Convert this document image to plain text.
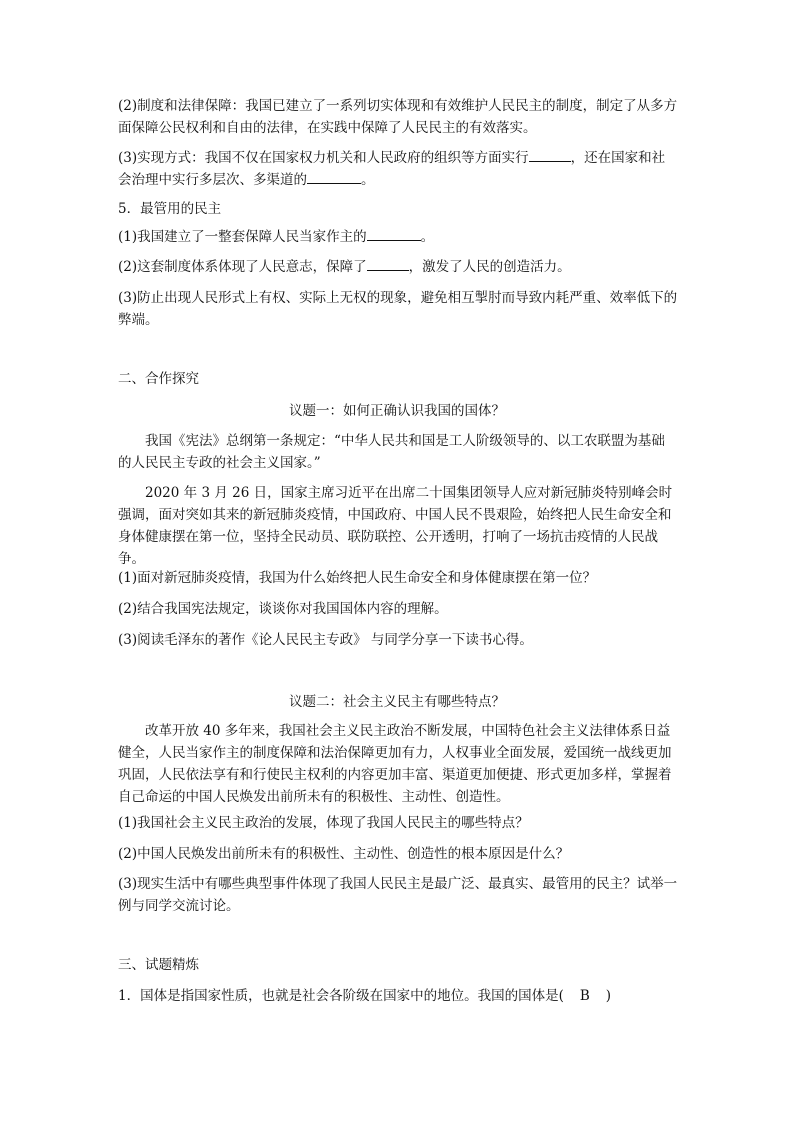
(2)制度和法律保障：我国已建立了一系列切实体现和有效维护人民民主的制度，制定了从多方面保障公民权利和自由的法律，在实践中保障了人民民主的有效落实。

(3)实现方式：我国不仅在国家权力机关和人民政府的组织等方面实行	，还在国家和社会治理中实行多层次、多渠道的	。

5．最管用的民主

(1)我国建立了一整套保障人民当家作主的	。

(2)这套制度体系体现了人民意志，保障了	，激发了人民的创造活力。

(3)防止出现人民形式上有权、实际上无权的现象，避免相互掣肘而导致内耗严重、效率低下的弊端。

二、合作探究

议题一：如何正确认识我国的国体？

我国《宪法》总纲第一条规定：“中华人民共和国是工人阶级领导的、以工农联盟为基础的人民民主专政的社会主义国家。”

2020 年 3 月 26 日，国家主席习近平在出席二十国集团领导人应对新冠肺炎特别峰会时强调，面对突如其来的新冠肺炎疫情，中国政府、中国人民不畏艰险，始终把人民生命安全和身体健康摆在第一位，坚持全民动员、联防联控、公开透明，打响了一场抗击疫情的人民战争。

(1)面对新冠肺炎疫情，我国为什么始终把人民生命安全和身体健康摆在第一位？

(2)结合我国宪法规定，谈谈你对我国国体内容的理解。

(3)阅读毛泽东的著作《论人民民主专政》 与同学分享一下读书心得。

议题二：社会主义民主有哪些特点？

改革开放 40 多年来，我国社会主义民主政治不断发展，中国特色社会主义法律体系日益健全，人民当家作主的制度保障和法治保障更加有力，人权事业全面发展，爱国统一战线更加巩固，人民依法享有和行使民主权利的内容更加丰富、渠道更加便捷、形式更加多样，掌握着自己命运的中国人民焕发出前所未有的积极性、主动性、创造性。

(1)我国社会主义民主政治的发展，体现了我国人民民主的哪些特点？

(2)中国人民焕发出前所未有的积极性、主动性、创造性的根本原因是什么？

(3)现实生活中有哪些典型事件体现了我国人民民主是最广泛、最真实、最管用的民主？试举一例与同学交流讨论。

三、试题精炼

1．国体是指国家性质，也就是社会各阶级在国家中的地位。我国的国体是( B )
